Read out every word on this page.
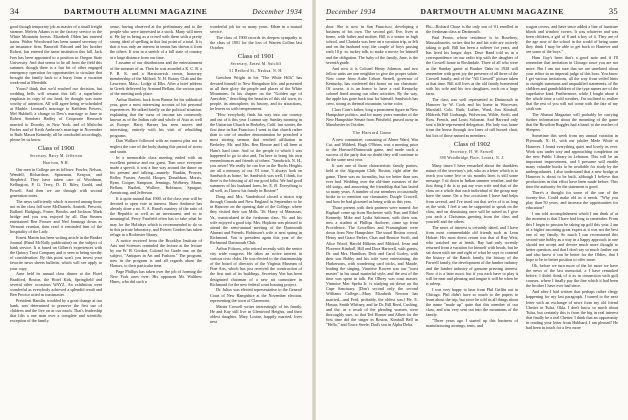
34	DARTMOUTH ALUMNI MAGAZINE	December 1934

good though temporary job as master of a small freight steamer. Melvin Adams is in the factory service in the White Mountain forests. Elizabeth Olden has entered trains. Walter Woodward has been named secretary of an insurance firm, Bancroft Edward and his brother Robert, has entered the same institution this fall, Jack Ives has been appointed to a position in Oregon State University. And that seems to be all from the field this summer, though there is a fair bit of other engaged emergency operation for opportunities to circulate that brought the family back to a hurry from a vacation week-end at Meredith.

Yours? think that we'd reached our decision, but wedding bells will resume this fall, a superlative emphasis in copy of our head, he thought was more worthy of attention. All will agree being re-scheduled at Marble. Leonard's marriage to Kathleen Powers, Mel Hubbell; a change to Dew's marriage to June to Robert Steinbert Hadley of Cooperate Research married to Dorothy in New York, and of Malcolm Forbes and of Keith Ambrose's marriage in November to Ruth Mason Kennedy, all be concluded accordingly, please let us know.

Class of 1900
Secretary, Harry M. Jefferson
Harrison, N.H.

Our men in College are as follows: Fowler, Nelson, Wendell, Richardson, Spearman, Kenyon, and Shepherd. They have taken care of Woodman, Kellington, P. G. Terry, D. D. Riley, Gould, and Powell. And then we are through with second generation notes.

The news sufficiently which is moved among those not in the class fall were McDaniels, Anstedt, Prescott, Bullard, Hudgings, Foster, Brooks, and Jackson. Mark bridge and you was enjoyed by all. Dan Stearns entertained Ben Prosser and Ned Jennings down as Vermont reunion, then read it reminded him of the hospitality of the Lady.

Ernest Martin has been writing article in the Banker Journal (Rand McNally publication) on the subject of bank service. It is based on Gilbert's experiences with the Quincy Trust Company and is seen to being worthy of consideration. By this point won't you invest your favorite news sheets bulletin, which will see apply to your copy.

Arne held its annual class dinner at the Hotel Bradford, Boston, the Hotel Kirk, Springfield and several other occasions WAYZ. An exhibition went wonderful as everybody achieved a splendid result and Ben Proctor acted as toastmaster.

President Hamlin, troubled by a great change at our bank, was determined to preserve the first use of children and the live on at our much. That's leadership that lifts a one man over a complete and scientific exception of the family.

sense, having observed at the preliminary and to the people who were interested in a stock. Many will meet it. He lay in being as a crowd with them with a pretty strong ideal of spelling in this last point of a total. It is that it was only an interest in tennis has shown it from the others. It was in a stretch of a full state of country at a large distance from our time.

I assume of our distributions and the entertainment of the summer of us. Then he was awarded a K. C. B. a P. B. K. and a Harrison-ish crown, honorary membership of the Milford, N. H. Rotary Club and the Lawrence, Mass., Lodge of Elks. After a brief address in Greek delivered by Armand Bellam, the serious part of the meeting took place.

Arthur Bartlett, back from Burma for his sabbatical year, gave a most interesting account of his personal experiences. He talked briefly on the political situation, explaining that the curse of income tax commonly known as of the Indian rule and whole of Asia as well as Europe. Harry Barnes has seen moves and interesting, entirely with his visit of rebuilding programs.

Dan Wallace followed with an earnest plea not to neglect the care of the body during this period of stress and strain.

In a memorable class meeting ended with an excellent premise and our guest, Tom once everyone made a speech. it was a fine way around the dance on his present and talking—namely: Rankin, Prosser, Roller, Forster, Arnold, Hooper, Donaldson, Morris, Ryan, Cooper, Sampson, Jennings, Wolberry, Mann, Bellam, Bartlett, Wallace, Robinson, Sprague, Armstrong, and Jefferson.

It is quite natural that 1900, of the class year will be devoted to open vote in interest. Shaw Ambrose has already done a no. E. A. Rand's mastery of the ratio of the Republic as well as an investment, and so to meaningful. Percy Fairfield often has to take what he may for the Holidays which is recommended to do so in this private laboratory, and Everett Gordon has taken refuge in a Rochester library.

A notice received from the Brooklyn Institute of Arts and Sciences reminded the lecture at the lecture by our W. B. Gordon, Colonel for Grade one, on the subject, "Antiques in Art and Fashion." The program, now in the program is and all regards about the Honors, to their particular time.

Page Phillips has taken over the job of forming the New York ones over. His opponent Mr. Walthew Hines, who did such a

wonderful job for so many years. Ethan in a mutual service.

The class of 1900 records its deepest sympathy to the class of 1901 for the loss of Warren Collins last October.

Class of 1901
Secretary, Ernest M. Sutcliff
51 Bedford St., Nashua, N. H.

Gretchen Wright in his "The White Hills" has devoted himself to New Hampshire life, and presented in all their glory the people and places of the White Mountains. In his chapter on the "Golden age of Anecdote," describing the beauties of this old town, its people, its atmosphere, its history, and its attractions, he leaves us with temperament.

"How everybody finds his way into our country and out of it this year I cannot say. Sunday morning in the Unitarian Church in Berkeley, Calif. last winter, the first time in San Francisco I went to that church rather than to one of another denomination he preached a most stirring sermon that reached affiliation in Berkeley. Mr. and Mrs. Ben Elmore and I all been at Ham's hard time. And so the people to which I was happened to go to also and, I'm here to bring his own remembrances and friends of others. "Sandwich, N. H., you never! We really he can live in the Rocks Heights are all a memory of our '01 time. 'I always look on Sandwich as home,' he. Sandwich was well, I think, for there is the blessing of all our good folks. We had good summers of his husband form, he, E. B. Everything is all well, as I know his family in Boston!"

Doug and Mrs. Vanderhoof closed a motor trip through Canada and New England in September to be in Hanover on the opening date of the College, where they visited their son Mills, '36. Harry of Manassas, Va., matriculated in the freshman class. Vic and his wife enjoyed a good trip. Mrs. Hopkins was pleased to attend the semi-annual meeting of the Dartmouth Alumni and Friends. Robinson's wife is next spring in Richmond. Von is president again this year of the Richmond Dartmouth Club.

Arthur Folsom, who retired recently with the senior city wide congress. He takes an active interest in various civic clubs. He was elected to the chairmanship of the board of directors of the Virginia Museum of Fine Arts, which has just received the construction of the first unit of its buildings. Secretary Von has been designated chairman of a new art committee in Richmond for the new federal court housing project.

Dr. Julius was elected representative to the General Court of New Hampshire at the November election, representing the town of Claremont.

Martin Crowell writes interestingly of his family. He and Kay still live in Glenwood Heights, and their oldest daughter, Mary Louise, happily married, lives next

December 1934	DARTMOUTH ALUMNI MAGAZINE	35

door. She is now in San Francisco, developing a business of his own. The second girl, Eve, lives at home, with father and mother. Bill is a senior in high school, and Clarinda was here on a vacation trip, or left and on the husband way, the couple of boys passing each 10 p. m. turkey talk, to make a movie for himself and the obligation. The baby of the family, June, is the seventh grade.

And now it is Colonel Henry Johnson, and two fellow units are one neighbor to give the proper salute. Now come from Aulie Lelson Stenell, governor of Kentucky, has conferred this honor on our classmate. Of course, it is an honor to have a real Kentucky colonel lined among our other activities. By the way, the apple has gone back tour for himself. Sandwich has crew, strong as thermal mountain, swine color.

Class Corn's father, long a prominent figure in New Hampshire politics, and for many years member of the New Hampshire Senate from Pittsfield, passed away in Manchester in October.

The Harvard Game

A new committee, consisting of Abner Ward, War Cut, and Mildred, Hugh O'Brien, was a meeting prior to the Harvard-Dartmouth game, and made such a success of the party that no doubt they will continue to do the same next year.

It was one of those characteristic family parties, held at the Algonquin Club, Boston, right after the game. There was no formality, but we better than was ever had. Wedding over the old-time sweaters of the old songs, and answering the friendship that has lasted so many years. A number of our members occasionally broke in to mention our classmates Doogle Crowell, and how he had gloomed us being with us this year.

Those present with their partners were named: Joe Raphael come up from Rochester with Tom and Ethel Kennedy, Mike and Lydia Salomon, with their son, now a student at Phillips Andover, came up from Providence. The Lowellites and Framingham were down from New Hampshire. The usual Boston crowd, Henry and Grace Parker, Chas and Bernice Swift, and Alice Wood, Harold Hilkens and Mildred, Jesse and Florence Kimball, Hill and Dora Hartwell, with guests, Dr. and Mrs. Hamilton, Dick and Carol Gorley, with their son Bobby and his wife were entertaining, the Harkersons, with wondering card tricks, and Maude, leading the singing. Vinnoise Kowen was our "toast master" in his usual masterful style, and the rest of the time was spent in talk. Pat Olbrey was toast master, Vinnoise Mac Spelta Jr. is studying art down on the Cape Sanctuary. [Don't second only the second Williams College—Mary Elizabeth Newton has married—and Fred, probably, the oldest son.] He, E. Hassar, Smith Whitney, and he Dr. Bill Reed, Cushing, and the, as a result of the pleading women, were thoroughly sure, so that Ted Hosner and Albert for the first time did the singer in Boston, Kimball Bell in "Hello," and Grace Steele; Dad's son in Alpha Delta.

Phi—Richard Chase is the only son of '01 enrolled in the freshman class at Dartmouth.

Paul Ferrin, whose residence is in Rosebery, Massachusetts, writes that he and his wife are actively taking to golf. Bill has been a sufferer for years, and has lived his longer days. Dave Rand told us in a correspondence on our radio trip with the daughter of the Crowell home in Roslindale. Three of all who were at the Sunday game at Bunker Oaks in 1928 will remember with great joy the presence of all three of the Crowell family, and of the "All Crowell" picture taken at that time. Bill still lives at the old family homestead with his wife and his two daughters, each on a large farm.

The class was well represented at Dartmouth in Hanover by W. Cook and his home in Worcester, Marshall, Colo. Ruth, Luther, Ward, Jim Kimball, Hildreth, Bill Gorhaugh, Wolverton, Wilde, Swift, and Ross. French, and Louis Soloman. And Harvard only sent a little-represented delegation. His lady was home from the house through two lines of tall horsed chair, but lots of those named as members.

Class of 1902
Secretary, H. W. Farwell
390 Woodbridge Place, Leonia, N. J.

Many times I have remarked about the thankless nature of the secretary's job, who as a letter which is to reach you some five or six months later, is still some message. I sit down in Indian summer weather, and the first thing I do is to put my own wife and that of the class on a whole that each individual of the group may have the same. On a few occasions I have had helps from several, and I've trued out that we're of it as long as the wish, I feel it can be supported to speak on the class, and on dismissing once will be raised as I give you each a Christmas greeting from the class and yourself and the others.

The news of interest is certainly dated, and I have from most commendable old friends such as Leon Hobart. His most direct return was that of Ray Weir, who watched me at heads. Ray had only recently returned from a vacation for himself with heads, but he sat down with me and right of what he says to contend the history of the Ranch family, the history of the Farwell family, the development of the lumber industry and the lumber industry of genuine pressing interest. Now it is a later moot, but if you each have to play it will be near and pleasing and tongue it will be when he is asleep.

I was very happy to hear from Phil Griffin out in Chicago. Phil didn't have so much to the papers to learn about the trip, but since he told us all things about the name "made up" quite that this member of our class, and was very sent out into the mountains of the family.

"Three years ago I started up this business of manufacturing awnings, tents, and

wagon covers, and have since added a line of furniture blinds and window covers. It was whatever and was been children, a girl of 8 and a boy of 4. They are of the age now of the school in the world of being some they think I may be able to get back to Hanover and see some of the boys."

Hum Guy's been that's a good note and if I'll remember that invitation in Chicago since you are not more. But I am not sure that we are unrelated about your editor in an imperial judge of this boss. You know I get various invitations, all the way from veiled hints to outright summons and unqualified statements, of the children and grandchildren of the type names are of the superlative kind. Furthermore, while I fought about it the whole time a cold weather, I'm inclined to realize that the rest of you will not come with the fate of my sixth son.

The Alumni Magazine will probably be carrying further information about the mounting of the game that the Bowdoin Ruggles had a hand, at the reaches of Sleepers.

Sometime this week from my annual vacation in Plymouth, N. H., with our jubilee Mede White at Hanover. I found everything quiet and lovely as ever. Work was under way and approaching completion on the new Public Library in Lebanon. This will be an important improvement, and I presume will enable many valuable books to be available for study by the undergraduates. I also understand that a new bridge at Hanover is about to be built, although I believe that productions in that effort have been made before. This time the authority for the statement is good.

There's a thought for some of the one of the twenty-five. Could make old as it needs. "Why you play than 50 years, and increase the opportunities for education?

I am told accomplishment which I am think of at the moment is that I have had long to remember. From this I begin to passion be taking up golf this year. I am of a higher incoming great expert at it was not the best one of my family. So much I can recommend this second-rate hobby as a way in a happy approach to one should not accept and devote much more thought to better question, and that I don't say so much further out and also knew it can be better for the Oldies, that I hope to be in better position to offer more.

Ok, before we turn more of the lot more we have the news of the last memorial, a I have remarked before, I didn't think of it as in connection with golf courses, where I finally pay the fine which it had been the brother I have ever had since.

And after I had written that perhaps rather clergy happening for my last paragraph. I turned to the next letter with an exchange of news from my old friend Chetter in Tulsa, Okla. I don't know so much about Tulsa, but certainly this is from the big in real interest that finally be a real Chetter. I think that an opportunity in reading your letter from Hubbard. I am pleased! He had been in touch for a few more
